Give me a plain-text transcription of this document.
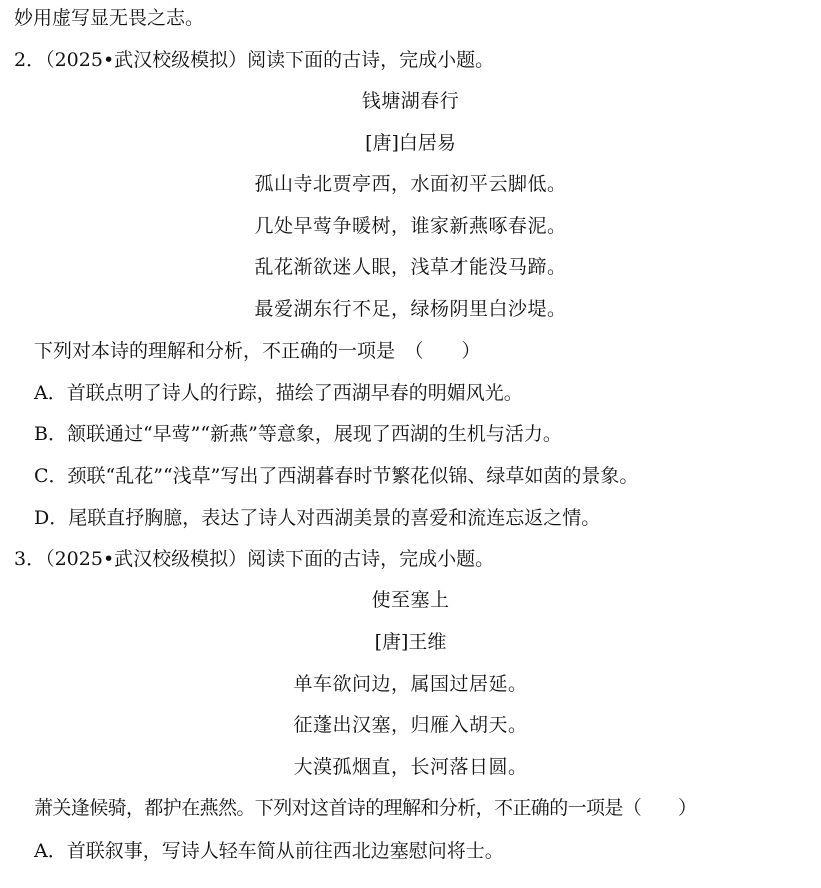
妙用虚写显无畏之志。
2．（2025•武汉校级模拟）阅读下面的古诗，完成小题。
钱塘湖春行
[唐]白居易
孤山寺北贾亭西，水面初平云脚低。
几处早莺争暖树，谁家新燕啄春泥。
乱花渐欲迷人眼，浅草才能没马蹄。
最爱湖东行不足，绿杨阴里白沙堤。
下列对本诗的理解和分析，不正确的一项是　（　　）
A．首联点明了诗人的行踪，描绘了西湖早春的明媚风光。
B．颔联通过“早莺”“新燕”等意象，展现了西湖的生机与活力。
C．颈联“乱花”“浅草”写出了西湖暮春时节繁花似锦、绿草如茵的景象。
D．尾联直抒胸臆，表达了诗人对西湖美景的喜爱和流连忘返之情。
3．（2025•武汉校级模拟）阅读下面的古诗，完成小题。
使至塞上
[唐]王维
单车欲问边，属国过居延。
征蓬出汉塞，归雁入胡天。
大漠孤烟直，长河落日圆。
萧关逢候骑，都护在燕然。下列对这首诗的理解和分析，不正确的一项是（　　）
A．首联叙事，写诗人轻车简从前往西北边塞慰问将士。
